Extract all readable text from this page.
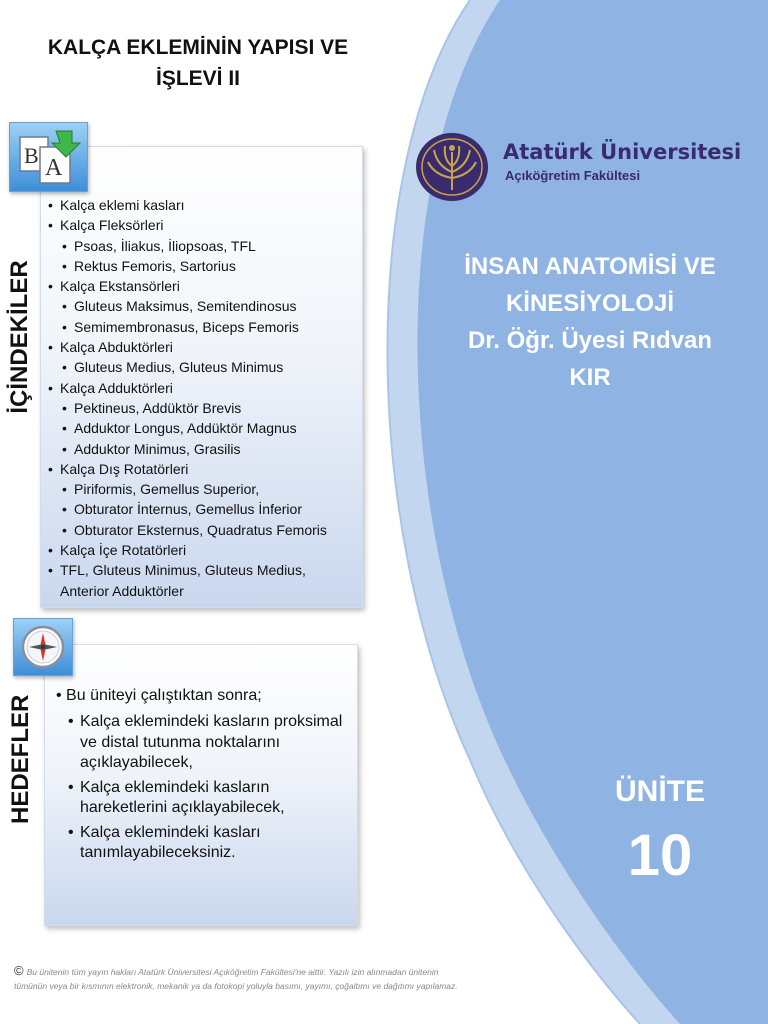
KALÇA EKLEMİNİN YAPISI VE
İŞLEVİ II
B A
İÇİNDEKİLER
• Kalça eklemi kasları
• Kalça Fleksörleri
• Psoas, İliakus, İliopsoas, TFL
• Rektus Femoris, Sartorius
• Kalça Ekstansörleri
• Gluteus Maksimus, Semitendinosus
• Semimembronasus, Biceps Femoris
• Kalça Abduktörleri
• Gluteus Medius, Gluteus Minimus
• Kalça Adduktörleri
• Pektineus, Addüktör Brevis
• Adduktor Longus, Addüktör Magnus
• Adduktor Minimus, Grasilis
• Kalça Dış Rotatörleri
• Piriformis, Gemellus Superior,
• Obturator İnternus, Gemellus İnferior
• Obturator Eksternus, Quadratus Femoris
• Kalça İçe Rotatörleri
• TFL, Gluteus Minimus, Gluteus Medius,
Anterior Adduktörler
HEDEFLER • Bu üniteyi çalıştıktan sonra;
• Kalça eklemindeki kasların proksimal ve distal tutunma noktalarını açıklayabilecek,
• Kalça eklemindeki kasların hareketlerini açıklayabilecek,
• Kalça eklemindeki kasları tanımlayabileceksiniz.
Atatürk Üniversitesi
Açıköğretim Fakültesi
İNSAN ANATOMİSİ VE
KİNESİYOLOJİ
Dr. Öğr. Üyesi Rıdvan
KIR
ÜNİTE
10
© Bu ünitenin tüm yayın hakları Atatürk Üniversitesi Açıköğretim Fakültesi'ne aittir. Yazılı izin alınmadan ünitenin tümünün veya bir kısmının elektronik, mekanik ya da fotokopi yoluyla basımı, yayımı, çoğaltımı ve dağıtımı yapılamaz.
